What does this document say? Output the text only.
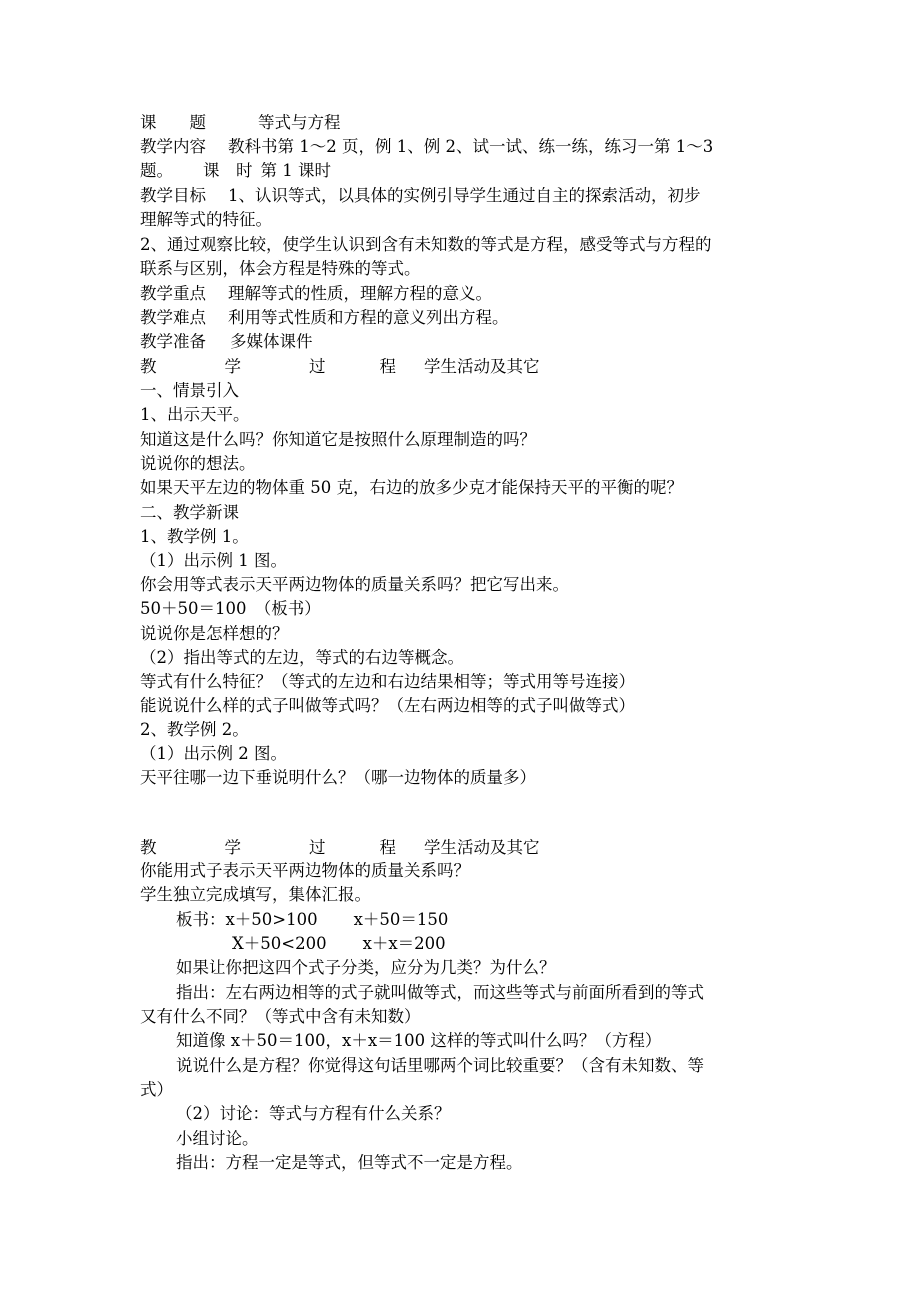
课　　题	等式与方程

教学内容 教科书第 1～2 页，例 1、例 2、试一试、练一练，练习一第 1～3

题。 课　时 第 1 课时

教学目标 1、认识等式，以具体的实例引导学生通过自主的探索活动，初步

理解等式的特征。

2、通过观察比较，使学生认识到含有未知数的等式是方程，感受等式与方程的

联系与区别，体会方程是特殊的等式。

教学重点 理解等式的性质，理解方程的意义。

教学难点 利用等式性质和方程的意义列出方程。

教学准备 多媒体课件

教	学	过	程 学生活动及其它

一、情景引入

1、出示天平。

知道这是什么吗？你知道它是按照什么原理制造的吗？

说说你的想法。

如果天平左边的物体重 50 克，右边的放多少克才能保持天平的平衡的呢？

二、教学新课

1、教学例 1。

（1）出示例 1 图。

你会用等式表示天平两边物体的质量关系吗？把它写出来。

50＋50＝100　（板书）

说说你是怎样想的？

（2）指出等式的左边，等式的右边等概念。

等式有什么特征？（等式的左边和右边结果相等；等式用等号连接）

能说说什么样的式子叫做等式吗？（左右两边相等的式子叫做等式）

2、教学例 2。

（1）出示例 2 图。

天平往哪一边下垂说明什么？（哪一边物体的质量多）

教	学	过	程 学生活动及其它

你能用式子表示天平两边物体的质量关系吗？

学生独立完成填写，集体汇报。

板书：x＋50>100 x＋50＝150

X＋50<200 x＋x＝200

如果让你把这四个式子分类，应分为几类？为什么？

指出：左右两边相等的式子就叫做等式，而这些等式与前面所看到的等式

又有什么不同？（等式中含有未知数）

知道像 x＋50＝100，x＋x＝100 这样的等式叫什么吗？（方程）

说说什么是方程？你觉得这句话里哪两个词比较重要？（含有未知数、等

式）

（2）讨论：等式与方程有什么关系？

小组讨论。

指出：方程一定是等式，但等式不一定是方程。
